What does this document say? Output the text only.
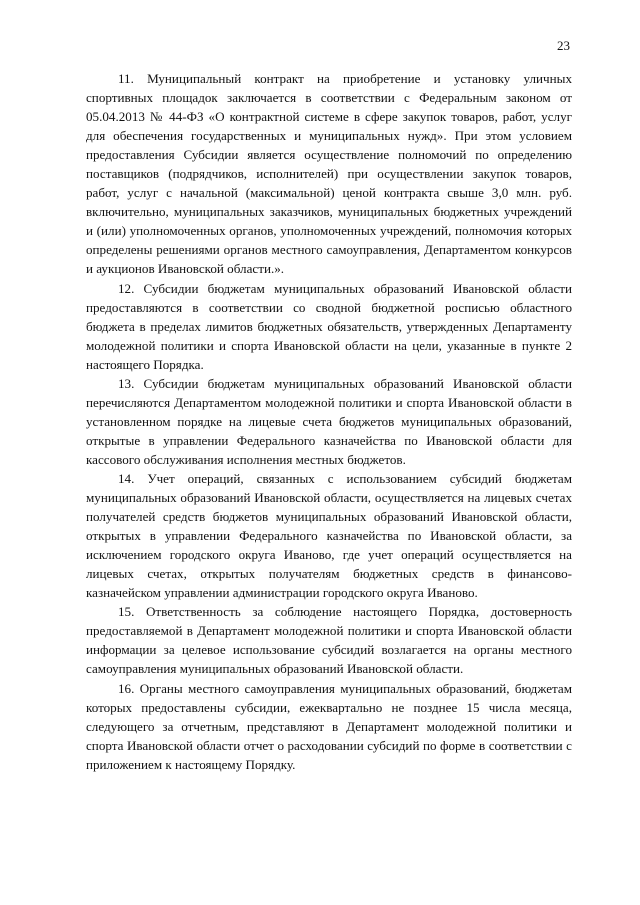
23

11. Муниципальный контракт на приобретение и установку уличных спортивных площадок заключается в соответствии с Федеральным законом от 05.04.2013 № 44-ФЗ «О контрактной системе в сфере закупок товаров, работ, услуг для обеспечения государственных и муниципальных нужд». При этом условием предоставления Субсидии является осуществление полномочий по определению поставщиков (подрядчиков, исполнителей) при осуществлении закупок товаров, работ, услуг с начальной (максимальной) ценой контракта свыше 3,0 млн. руб. включительно, муниципальных заказчиков, муниципальных бюджетных учреждений и (или) уполномоченных органов, уполномоченных учреждений, полномочия которых определены решениями органов местного самоуправления, Департаментом конкурсов и аукционов Ивановской области.».

12. Субсидии бюджетам муниципальных образований Ивановской области предоставляются в соответствии со сводной бюджетной росписью областного бюджета в пределах лимитов бюджетных обязательств, утвержденных Департаменту молодежной политики и спорта Ивановской области на цели, указанные в пункте 2 настоящего Порядка.

13. Субсидии бюджетам муниципальных образований Ивановской области перечисляются Департаментом молодежной политики и спорта Ивановской области в установленном порядке на лицевые счета бюджетов муниципальных образований, открытые в управлении Федерального казначейства по Ивановской области для кассового обслуживания исполнения местных бюджетов.

14. Учет операций, связанных с использованием субсидий бюджетам муниципальных образований Ивановской области, осуществляется на лицевых счетах получателей средств бюджетов муниципальных образований Ивановской области, открытых в управлении Федерального казначейства по Ивановской области, за исключением городского округа Иваново, где учет операций осуществляется на лицевых счетах, открытых получателям бюджетных средств в финансово-казначейском управлении администрации городского округа Иваново.

15. Ответственность за соблюдение настоящего Порядка, достоверность предоставляемой в Департамент молодежной политики и спорта Ивановской области информации за целевое использование субсидий возлагается на органы местного самоуправления муниципальных образований Ивановской области.

16. Органы местного самоуправления муниципальных образований, бюджетам которых предоставлены субсидии, ежеквартально не позднее 15 числа месяца, следующего за отчетным, представляют в Департамент молодежной политики и спорта Ивановской области отчет о расходовании субсидий по форме в соответствии с приложением к настоящему Порядку.
